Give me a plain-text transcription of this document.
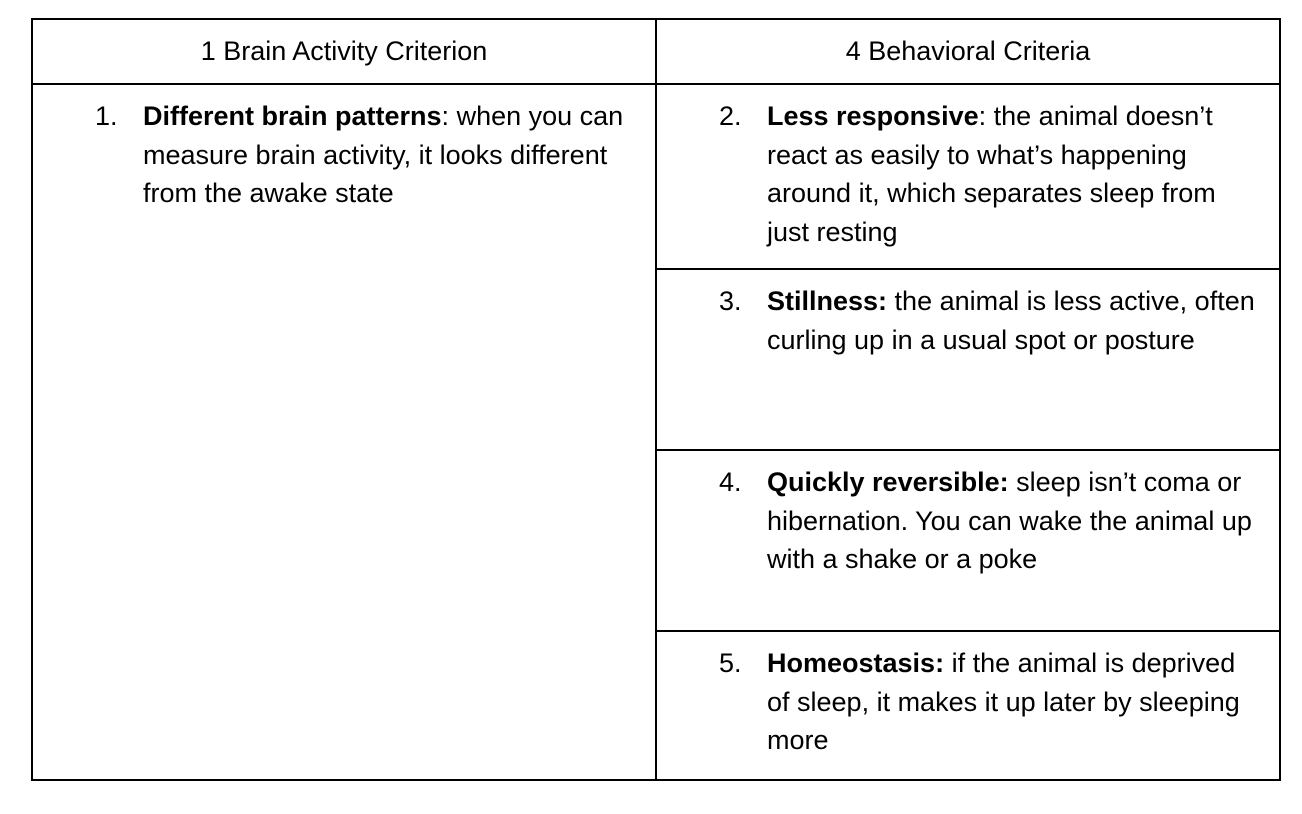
1 Brain Activity Criterion	4 Behavioral Criteria

1. Different brain patterns: when you can measure brain activity, it looks different from the awake state	2. Less responsive: the animal doesn’t react as easily to what’s happening around it, which separates sleep from just resting

	3. Stillness: the animal is less active, often curling up in a usual spot or posture

	4. Quickly reversible: sleep isn’t coma or hibernation. You can wake the animal up with a shake or a poke

	5. Homeostasis: if the animal is deprived of sleep, it makes it up later by sleeping more
